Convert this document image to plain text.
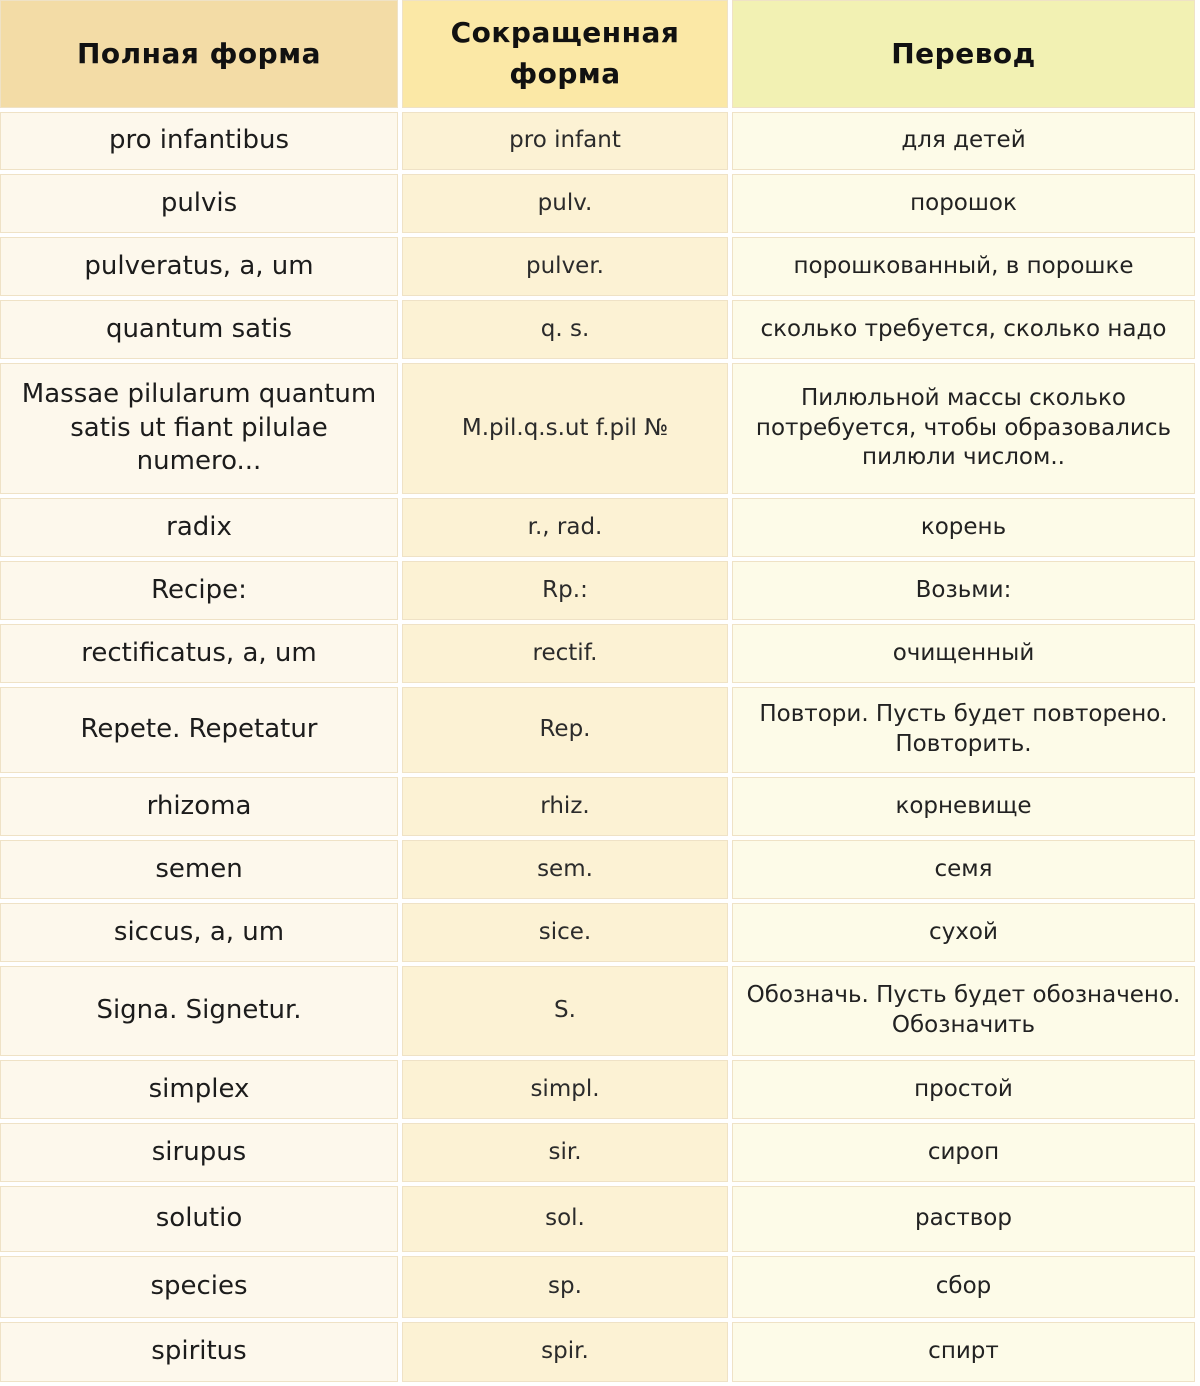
Полная форма	Сокращенная форма	Перевод
pro infantibus	pro infant	для детей
pulvis	pulv.	порошок
pulveratus, a, um	pulver.	порошкованный, в порошке
quantum satis	q. s.	сколько требуется, сколько надо
Massae pilularum quantum satis ut fiant pilulae numero...	M.pil.q.s.ut f.pil №	Пилюльной массы сколько потребуется, чтобы образовались пилюли числом..
radix	r., rad.	корень
Recipe:	Rp.:	Возьми:
rectificatus, a, um	rectif.	очищенный
Repete. Repetatur	Rep.	Повтори. Пусть будет повторено. Повторить.
rhizoma	rhiz.	корневище
semen	sem.	семя
siccus, a, um	sice.	сухой
Signa. Signetur.	S.	Обозначь. Пусть будет обозначено. Обозначить
simplex	simpl.	простой
sirupus	sir.	сироп
solutio	sol.	раствор
species	sp.	сбор
spiritus	spir.	спирт
